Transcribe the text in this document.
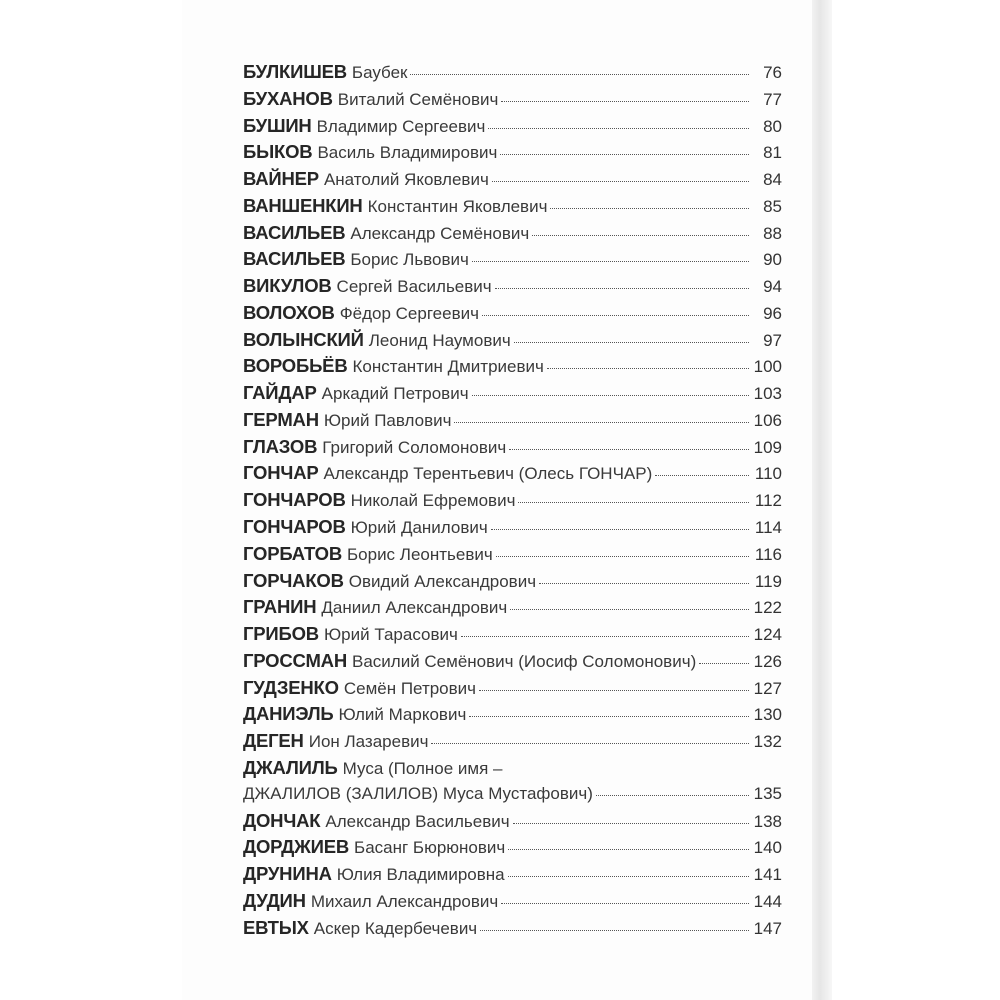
БУЛКИШЕВ Баубек	76
БУХАНОВ Виталий Семёнович	77
БУШИН Владимир Сергеевич	80
БЫКОВ Василь Владимирович	81
ВАЙНЕР Анатолий Яковлевич	84
ВАНШЕНКИН Константин Яковлевич	85
ВАСИЛЬЕВ Александр Семёнович	88
ВАСИЛЬЕВ Борис Львович	90
ВИКУЛОВ Сергей Васильевич	94
ВОЛОХОВ Фёдор Сергеевич	96
ВОЛЫНСКИЙ Леонид Наумович	97
ВОРОБЬЁВ Константин Дмитриевич	100
ГАЙДАР Аркадий Петрович	103
ГЕРМАН Юрий Павлович	106
ГЛАЗОВ Григорий Соломонович	109
ГОНЧАР Александр Терентьевич (Олесь ГОНЧАР)	110
ГОНЧАРОВ Николай Ефремович	112
ГОНЧАРОВ Юрий Данилович	114
ГОРБАТОВ Борис Леонтьевич	116
ГОРЧАКОВ Овидий Александрович	119
ГРАНИН Даниил Александрович	122
ГРИБОВ Юрий Тарасович	124
ГРОССМАН Василий Семёнович (Иосиф Соломонович)	126
ГУДЗЕНКО Семён Петрович	127
ДАНИЭЛЬ Юлий Маркович	130
ДЕГЕН Ион Лазаревич	132
ДЖАЛИЛЬ Муса (Полное имя –
ДЖАЛИЛОВ (ЗАЛИЛОВ) Муса Мустафович)	135
ДОНЧАК Александр Васильевич	138
ДОРДЖИЕВ Басанг Бюрюнович	140
ДРУНИНА Юлия Владимировна	141
ДУДИН Михаил Александрович	144
ЕВТЫХ Аскер Кадербечевич	147
